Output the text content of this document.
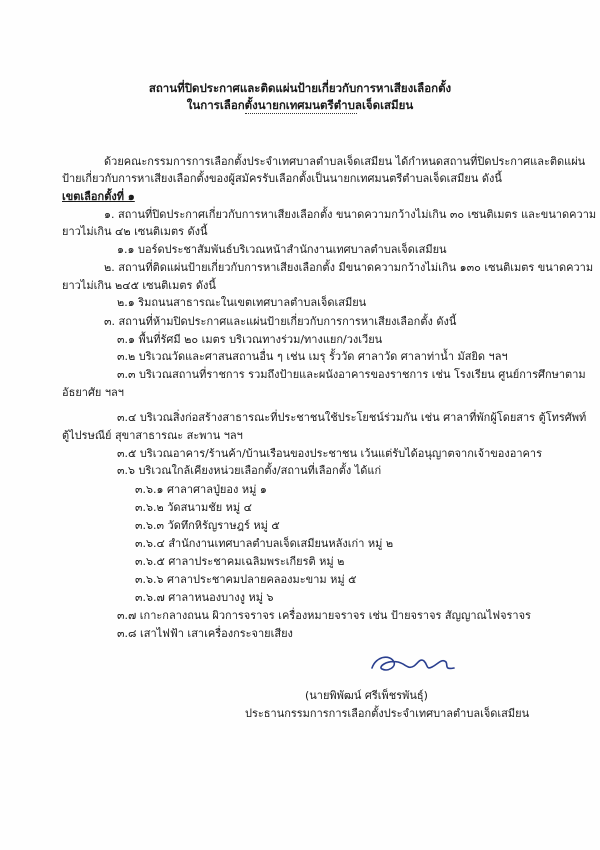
สถานที่ปิดประกาศและติดแผ่นป้ายเกี่ยวกับการหาเสียงเลือกตั้ง
ในการเลือกตั้งนายกเทศมนตรีตำบลเจ็ดเสมียน
ด้วยคณะกรรมการการเลือกตั้งประจำเทศบาลตำบลเจ็ดเสมียน ได้กำหนดสถานที่ปิดประกาศและติดแผ่น
ป้ายเกี่ยวกับการหาเสียงเลือกตั้งของผู้สมัครรับเลือกตั้งเป็นนายกเทศมนตรีตำบลเจ็ดเสมียน ดังนี้
เขตเลือกตั้งที่ ๑
๑. สถานที่ปิดประกาศเกี่ยวกับการหาเสียงเลือกตั้ง ขนาดความกว้างไม่เกิน ๓๐ เซนติเมตร และขนาดความ
ยาวไม่เกิน ๔๒ เซนติเมตร ดังนี้
๑.๑ บอร์ดประชาสัมพันธ์บริเวณหน้าสำนักงานเทศบาลตำบลเจ็ดเสมียน
๒. สถานที่ติดแผ่นป้ายเกี่ยวกับการหาเสียงเลือกตั้ง มีขนาดความกว้างไม่เกิน ๑๓๐ เซนติเมตร ขนาดความ
ยาวไม่เกิน ๒๔๕ เซนติเมตร ดังนี้
๒.๑ ริมถนนสาธารณะในเขตเทศบาลตำบลเจ็ดเสมียน
๓. สถานที่ห้ามปิดประกาศและแผ่นป้ายเกี่ยวกับการการหาเสียงเลือกตั้ง ดังนี้
๓.๑ พื้นที่รัศมี ๒๐ เมตร บริเวณทางร่วม/ทางแยก/วงเวียน
๓.๒ บริเวณวัดและศาสนสถานอื่น ๆ เช่น เมรุ รั้ววัด ศาลาวัด ศาลาท่าน้ำ มัสยิด ฯลฯ
๓.๓ บริเวณสถานที่ราชการ รวมถึงป้ายและผนังอาคารของราชการ เช่น โรงเรียน ศูนย์การศึกษาตาม
อัธยาศัย ฯลฯ
๓.๔ บริเวณสิ่งก่อสร้างสาธารณะที่ประชาชนใช้ประโยชน์ร่วมกัน เช่น ศาลาที่พักผู้โดยสาร ตู้โทรศัพท์
ตู้ไปรษณีย์ สุขาสาธารณะ สะพาน ฯลฯ
๓.๕ บริเวณอาคาร/ร้านค้า/บ้านเรือนของประชาชน เว้นแต่รับได้อนุญาตจากเจ้าของอาคาร
๓.๖ บริเวณใกล้เคียงหน่วยเลือกตั้ง/สถานที่เลือกตั้ง ได้แก่
๓.๖.๑ ศาลาศาลปู่ยอง หมู่ ๑
๓.๖.๒ วัดสนามชัย หมู่ ๔
๓.๖.๓ วัดทึกหิรัญราษฎร์ หมู่ ๕
๓.๖.๔ สำนักงานเทศบาลตำบลเจ็ดเสมียนหลังเก่า หมู่ ๒
๓.๖.๕ ศาลาประชาคมเฉลิมพระเกียรติ หมู่ ๒
๓.๖.๖ ศาลาประชาคมปลายคลองมะขาม หมู่ ๕
๓.๖.๗ ศาลาหนองบางงู หมู่ ๖
๓.๗ เกาะกลางถนน ผิวการจราจร เครื่องหมายจราจร เช่น ป้ายจราจร สัญญาณไฟจราจร
๓.๘ เสาไฟฟ้า เสาเครื่องกระจายเสียง
(นายพิพัฒน์ ศรีเพ็ชรพันธุ์)
ประธานกรรมการการเลือกตั้งประจำเทศบาลตำบลเจ็ดเสมียน
